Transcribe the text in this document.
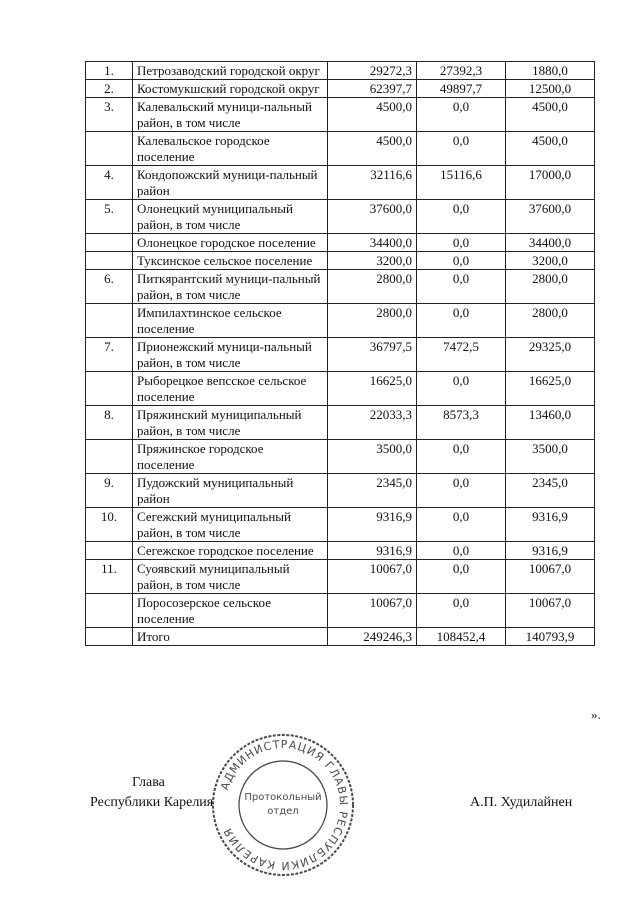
1.	Петрозаводский городской округ	29272,3	27392,3	1880,0
2.	Костомукшский городской округ	62397,7	49897,7	12500,0
3.	Калевальский муници-пальный район, в том числе	4500,0	0,0	4500,0
	Калевальское городское поселение	4500,0	0,0	4500,0
4.	Кондопожский муници-пальный район	32116,6	15116,6	17000,0
5.	Олонецкий муниципальный район, в том числе	37600,0	0,0	37600,0
	Олонецкое городское поселение	34400,0	0,0	34400,0
	Туксинское сельское поселение	3200,0	0,0	3200,0
6.	Питкярантский муници-пальный район, в том числе	2800,0	0,0	2800,0
	Импилахтинское сельское поселение	2800,0	0,0	2800,0
7.	Прионежский муници-пальный район, в том числе	36797,5	7472,5	29325,0
	Рыборецкое вепсское сельское поселение	16625,0	0,0	16625,0
8.	Пряжинский муниципальный район, в том числе	22033,3	8573,3	13460,0
	Пряжинское городское поселение	3500,0	0,0	3500,0
9.	Пудожский муниципальный район	2345,0	0,0	2345,0
10.	Сегежский муниципальный район, в том числе	9316,9	0,0	9316,9
	Сегежское городское поселение	9316,9	0,0	9316,9
11.	Суоявский муниципальный район, в том числе	10067,0	0,0	10067,0
	Поросозерское сельское поселение	10067,0	0,0	10067,0
	Итого	249246,3	108452,4	140793,9
».
Глава
Республики Карелия	А.П. Худилайнен
АДМИНИСТРАЦИЯ ГЛАВЫ РЕСПУБЛИКИ КАРЕЛИЯ
Протокольный
отдел
